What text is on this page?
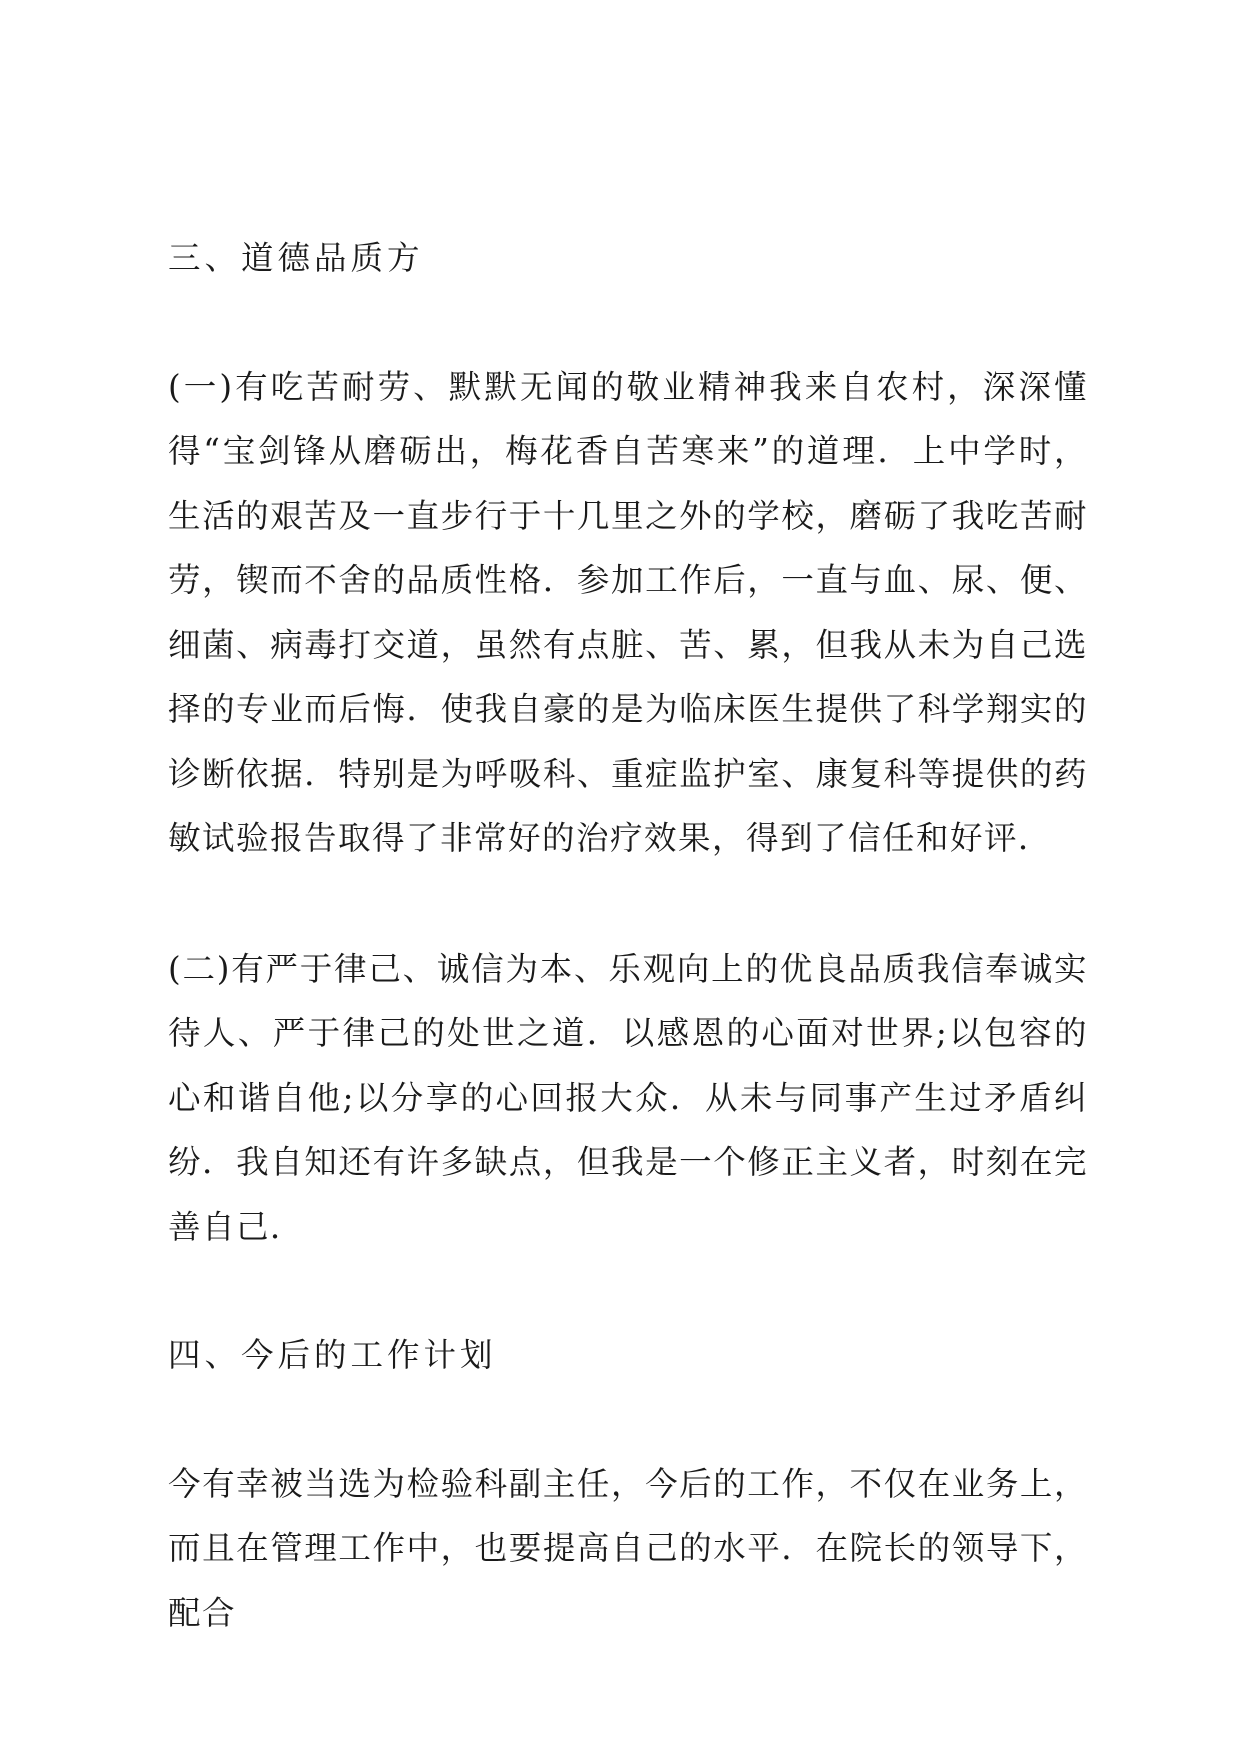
三、道德品质方

(一)有吃苦耐劳、默默无闻的敬业精神我来自农村，深深懂得“宝剑锋从磨砺出，梅花香自苦寒来”的道理．上中学时，生活的艰苦及一直步行于十几里之外的学校，磨砺了我吃苦耐劳，锲而不舍的品质性格．参加工作后，一直与血、尿、便、细菌、病毒打交道，虽然有点脏、苦、累，但我从未为自己选择的专业而后悔．使我自豪的是为临床医生提供了科学翔实的诊断依据．特别是为呼吸科、重症监护室、康复科等提供的药敏试验报告取得了非常好的治疗效果，得到了信任和好评．

(二)有严于律己、诚信为本、乐观向上的优良品质我信奉诚实待人、严于律己的处世之道．以感恩的心面对世界;以包容的心和谐自他;以分享的心回报大众．从未与同事产生过矛盾纠纷．我自知还有许多缺点，但我是一个修正主义者，时刻在完善自己．

四、今后的工作计划

今有幸被当选为检验科副主任，今后的工作，不仅在业务上，而且在管理工作中，也要提高自己的水平．在院长的领导下，配合
